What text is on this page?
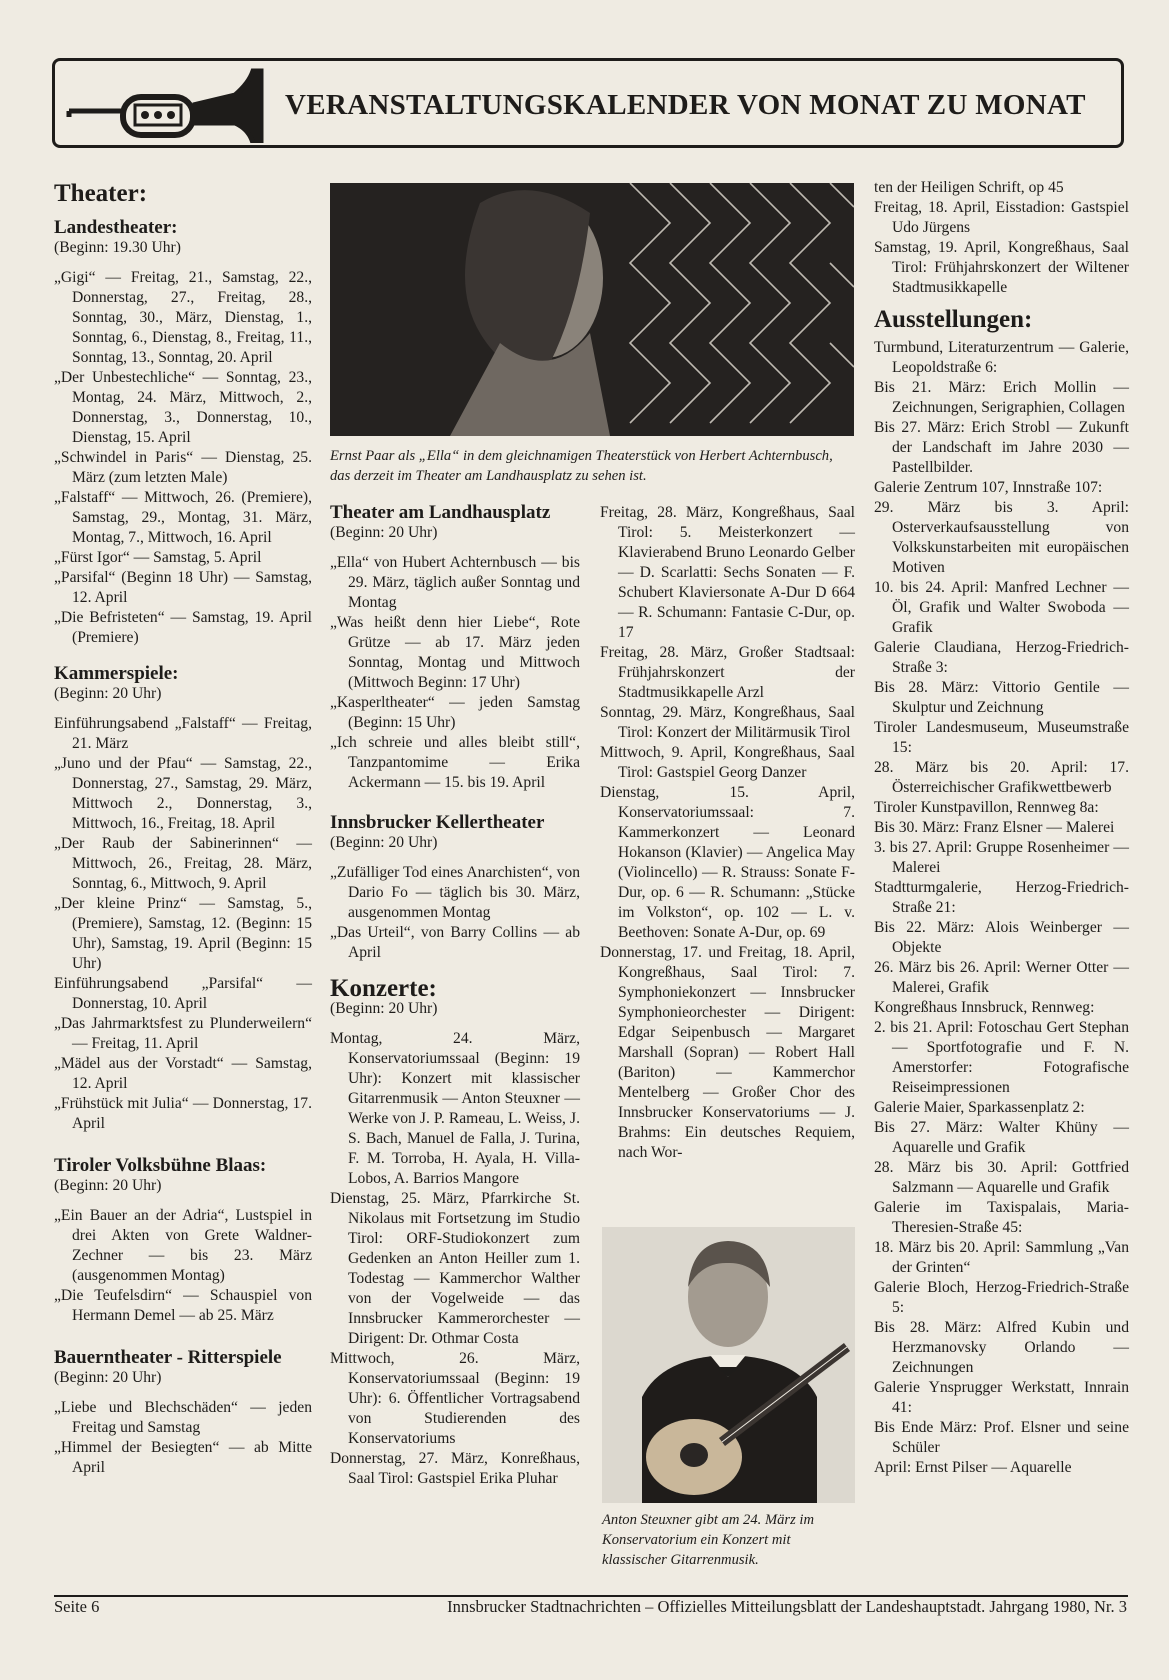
VERANSTALTUNGSKALENDER VON MONAT ZU MONAT
Theater:
Landestheater:

(Beginn: 19.30 Uhr)

„Gigi“ — Freitag, 21., Samstag, 22., Donnerstag, 27., Freitag, 28., Sonntag, 30., März, Dienstag, 1., Sonntag, 6., Dienstag, 8., Freitag, 11., Sonntag, 13., Sonntag, 20. April

„Der Unbestechliche“ — Sonntag, 23., Montag, 24. März, Mittwoch, 2., Donnerstag, 3., Donnerstag, 10., Dienstag, 15. April

„Schwindel in Paris“ — Dienstag, 25. März (zum letzten Male)

„Falstaff“ — Mittwoch, 26. (Premiere), Samstag, 29., Montag, 31. März, Montag, 7., Mittwoch, 16. April

„Fürst Igor“ — Samstag, 5. April

„Parsifal“ (Beginn 18 Uhr) — Samstag, 12. April

„Die Befristeten“ — Samstag, 19. April (Premiere)

Kammerspiele:

(Beginn: 20 Uhr)

Einführungsabend „Falstaff“ — Freitag, 21. März

„Juno und der Pfau“ — Samstag, 22., Donnerstag, 27., Samstag, 29. März, Mittwoch 2., Donnerstag, 3., Mittwoch, 16., Freitag, 18. April

„Der Raub der Sabinerinnen“ — Mittwoch, 26., Freitag, 28. März, Sonntag, 6., Mittwoch, 9. April

„Der kleine Prinz“ — Samstag, 5., (Premiere), Samstag, 12. (Beginn: 15 Uhr), Samstag, 19. April (Beginn: 15 Uhr)

Einführungsabend „Parsifal“ — Donnerstag, 10. April

„Das Jahrmarktsfest zu Plunderweilern“ — Freitag, 11. April

„Mädel aus der Vorstadt“ — Samstag, 12. April

„Frühstück mit Julia“ — Donnerstag, 17. April

Tiroler Volksbühne Blaas:

(Beginn: 20 Uhr)

„Ein Bauer an der Adria“, Lustspiel in drei Akten von Grete Waldner-Zechner — bis 23. März (ausgenommen Montag)

„Die Teufelsdirn“ — Schauspiel von Hermann Demel — ab 25. März

Bauerntheater - Ritterspiele

(Beginn: 20 Uhr)

„Liebe und Blechschäden“ — jeden Freitag und Samstag

„Himmel der Besiegten“ — ab Mitte April

Ernst Paar als „Ella“ in dem gleichnamigen Theaterstück von Herbert Achternbusch, das derzeit im Theater am Landhausplatz zu sehen ist.
Theater am Landhausplatz

(Beginn: 20 Uhr)

„Ella“ von Hubert Achternbusch — bis 29. März, täglich außer Sonntag und Montag

„Was heißt denn hier Liebe“, Rote Grütze — ab 17. März jeden Sonntag, Montag und Mittwoch (Mittwoch Beginn: 17 Uhr)

„Kasperltheater“ — jeden Samstag (Beginn: 15 Uhr)

„Ich schreie und alles bleibt still“, Tanzpantomime — Erika Ackermann — 15. bis 19. April

Innsbrucker Kellertheater

(Beginn: 20 Uhr)

„Zufälliger Tod eines Anarchisten“, von Dario Fo — täglich bis 30. März, ausgenommen Montag

„Das Urteil“, von Barry Collins — ab April

Konzerte:

(Beginn: 20 Uhr)

Montag, 24. März, Konservatoriumssaal (Beginn: 19 Uhr): Konzert mit klassischer Gitarrenmusik — Anton Steuxner — Werke von J. P. Rameau, L. Weiss, J. S. Bach, Manuel de Falla, J. Turina, F. M. Torroba, H. Ayala, H. Villa-Lobos, A. Barrios Mangore

Dienstag, 25. März, Pfarrkirche St. Nikolaus mit Fortsetzung im Studio Tirol: ORF-Studiokonzert zum Gedenken an Anton Heiller zum 1. Todestag — Kammerchor Walther von der Vogelweide — das Innsbrucker Kammerorchester — Dirigent: Dr. Othmar Costa

Mittwoch, 26. März, Konservatoriumssaal (Beginn: 19 Uhr): 6. Öffentlicher Vortragsabend von Studierenden des Konservatoriums

Donnerstag, 27. März, Konreßhaus, Saal Tirol: Gastspiel Erika Pluhar

Freitag, 28. März, Kongreßhaus, Saal Tirol: 5. Meisterkonzert — Klavierabend Bruno Leonardo Gelber — D. Scarlatti: Sechs Sonaten — F. Schubert Klaviersonate A-Dur D 664 — R. Schumann: Fantasie C-Dur, op. 17

Freitag, 28. März, Großer Stadtsaal: Frühjahrskonzert der Stadtmusikkapelle Arzl

Sonntag, 29. März, Kongreßhaus, Saal Tirol: Konzert der Militärmusik Tirol

Mittwoch, 9. April, Kongreßhaus, Saal Tirol: Gastspiel Georg Danzer

Dienstag, 15. April, Konservatoriumssaal: 7. Kammerkonzert — Leonard Hokanson (Klavier) — Angelica May (Violincello) — R. Strauss: Sonate F-Dur, op. 6 — R. Schumann: „Stücke im Volkston“, op. 102 — L. v. Beethoven: Sonate A-Dur, op. 69

Donnerstag, 17. und Freitag, 18. April, Kongreßhaus, Saal Tirol: 7. Symphoniekonzert — Innsbrucker Symphonieorchester — Dirigent: Edgar Seipenbusch — Margaret Marshall (Sopran) — Robert Hall (Bariton) — Kammerchor Mentelberg — Großer Chor des Innsbrucker Konservatoriums — J. Brahms: Ein deutsches Requiem, nach Wor-

Anton Steuxner gibt am 24. März im Konservatorium ein Konzert mit klassischer Gitarrenmusik.

ten der Heiligen Schrift, op 45

Freitag, 18. April, Eisstadion: Gastspiel Udo Jürgens

Samstag, 19. April, Kongreßhaus, Saal Tirol: Frühjahrskonzert der Wiltener Stadtmusikkapelle

Ausstellungen:

Turmbund, Literaturzentrum — Galerie, Leopoldstraße 6:

Bis 21. März: Erich Mollin — Zeichnungen, Serigraphien, Collagen

Bis 27. März: Erich Strobl — Zukunft der Landschaft im Jahre 2030 — Pastellbilder.

Galerie Zentrum 107, Innstraße 107:

29. März bis 3. April: Osterverkaufsausstellung von Volkskunstarbeiten mit europäischen Motiven

10. bis 24. April: Manfred Lechner — Öl, Grafik und Walter Swoboda — Grafik

Galerie Claudiana, Herzog-Friedrich-Straße 3:

Bis 28. März: Vittorio Gentile — Skulptur und Zeichnung

Tiroler Landesmuseum, Museumstraße 15:

28. März bis 20. April: 17. Österreichischer Grafikwettbewerb

Tiroler Kunstpavillon, Rennweg 8a:

Bis 30. März: Franz Elsner — Malerei

3. bis 27. April: Gruppe Rosenheimer — Malerei

Stadtturmgalerie, Herzog-Friedrich-Straße 21:

Bis 22. März: Alois Weinberger — Objekte

26. März bis 26. April: Werner Otter — Malerei, Grafik

Kongreßhaus Innsbruck, Rennweg:

2. bis 21. April: Fotoschau Gert Stephan — Sportfotografie und F. N. Amerstorfer: Fotografische Reiseimpressionen

Galerie Maier, Sparkassenplatz 2:

Bis 27. März: Walter Khüny — Aquarelle und Grafik

28. März bis 30. April: Gottfried Salzmann — Aquarelle und Grafik

Galerie im Taxispalais, Maria-Theresien-Straße 45:

18. März bis 20. April: Sammlung „Van der Grinten“

Galerie Bloch, Herzog-Friedrich-Straße 5:

Bis 28. März: Alfred Kubin und Herzmanovsky Orlando — Zeichnungen

Galerie Ynsprugger Werkstatt, Innrain 41:

Bis Ende März: Prof. Elsner und seine Schüler

April: Ernst Pilser — Aquarelle

Seite 6	Innsbrucker Stadtnachrichten – Offizielles Mitteilungsblatt der Landeshauptstadt. Jahrgang 1980, Nr. 3
